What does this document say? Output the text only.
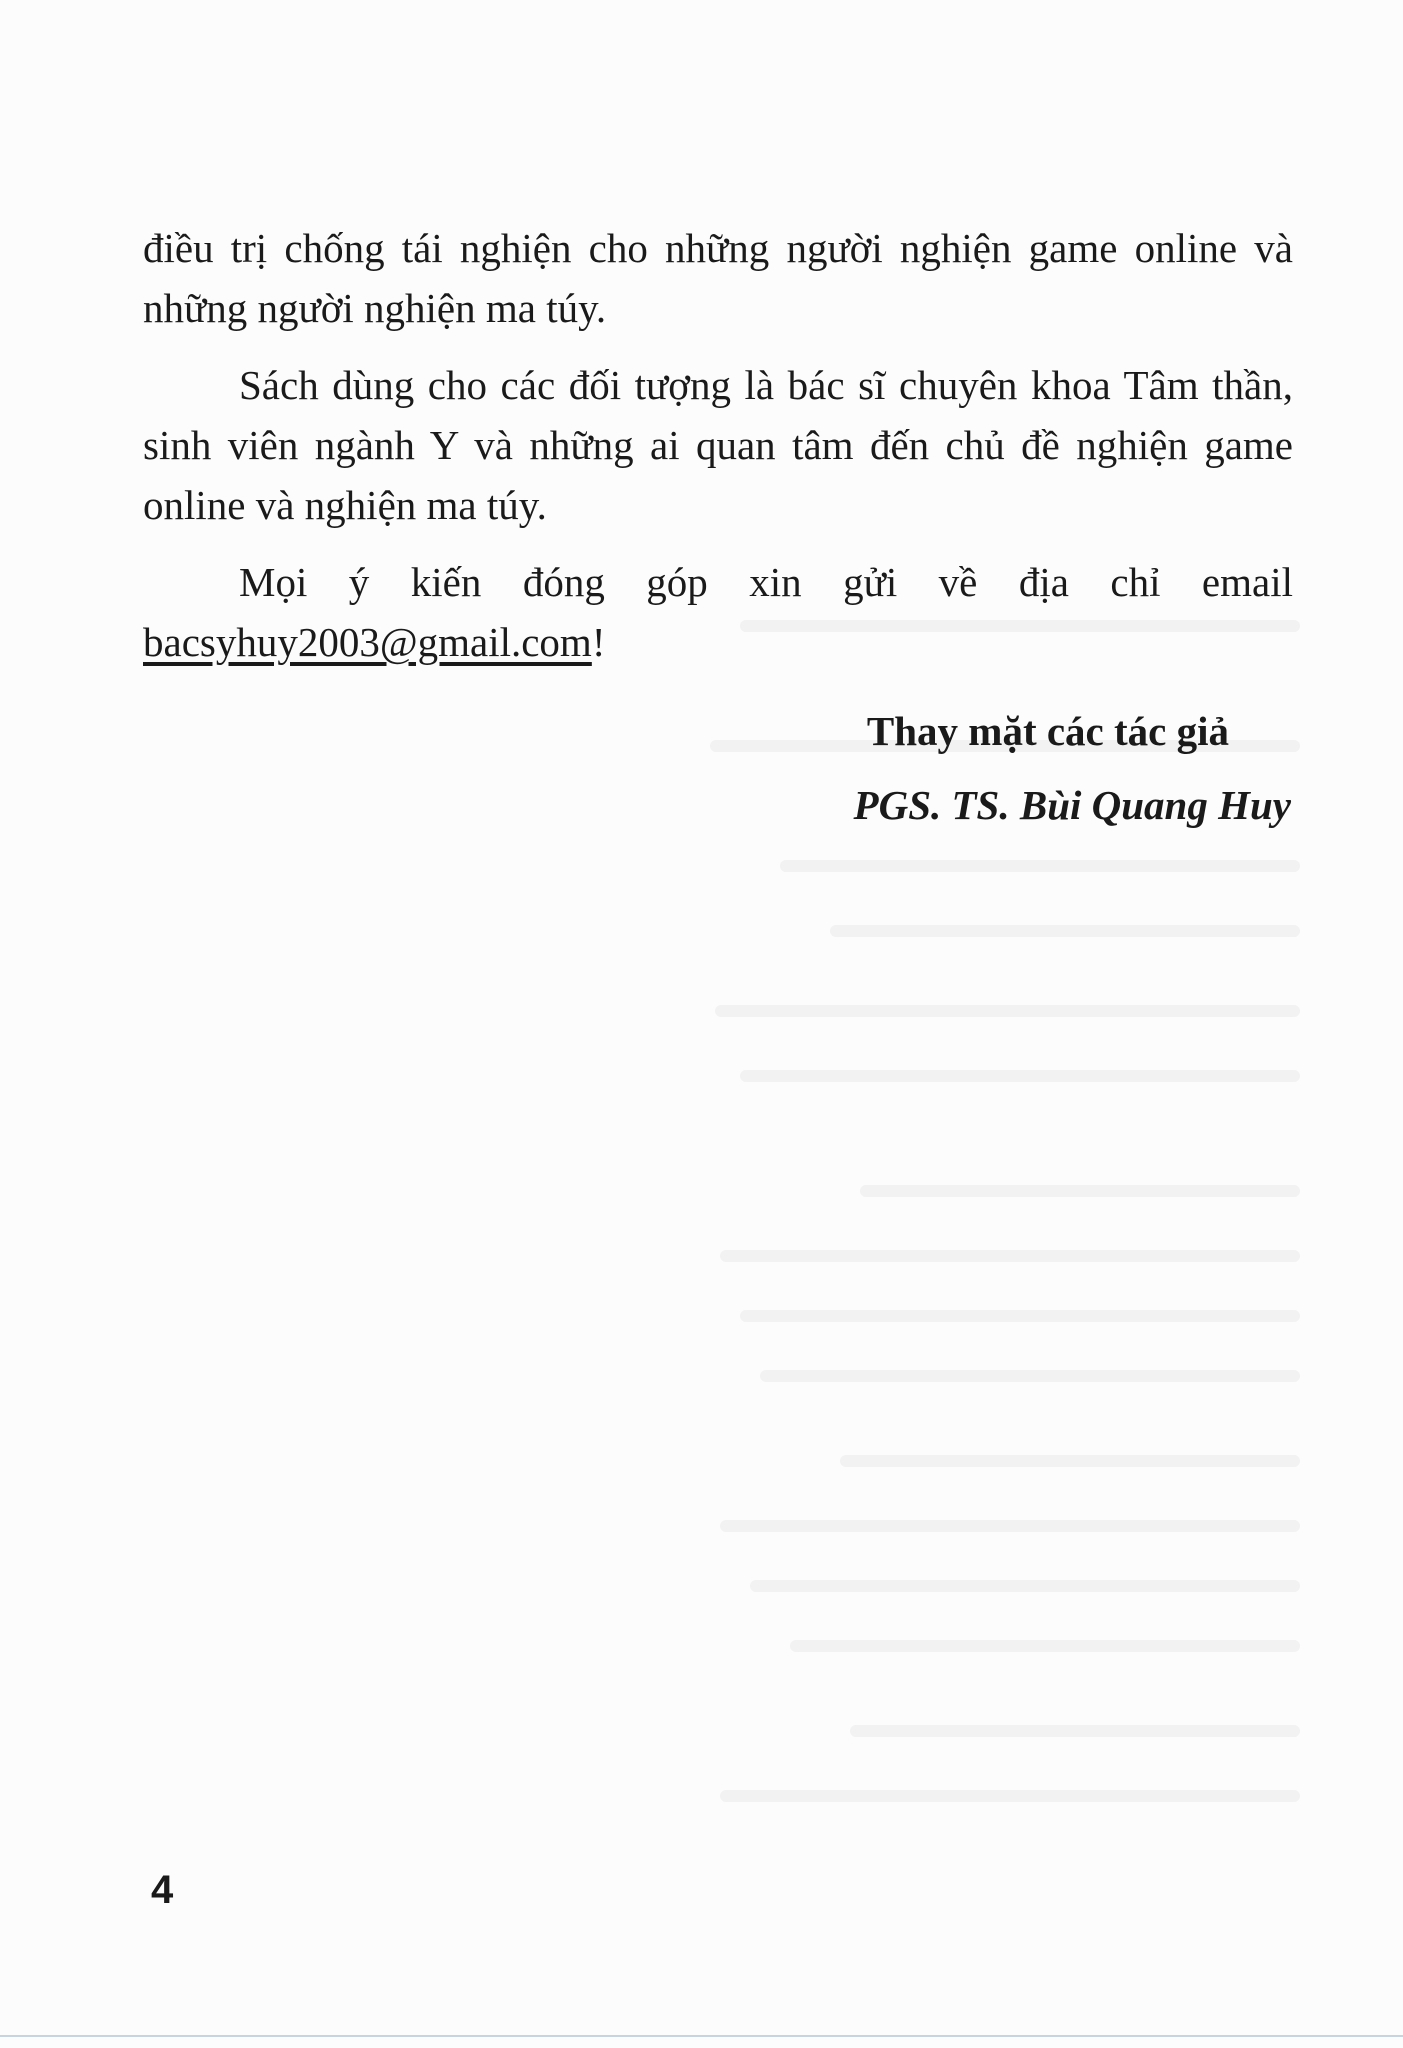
điều trị chống tái nghiện cho những người nghiện game online và những người nghiện ma túy.

Sách dùng cho các đối tượng là bác sĩ chuyên khoa Tâm thần, sinh viên ngành Y và những ai quan tâm đến chủ đề nghiện game online và nghiện ma túy.

Mọi ý kiến đóng góp xin gửi về địa chỉ email bacsyhuy2003@gmail.com!

Thay mặt các tác giả
PGS. TS. Bùi Quang Huy
4
